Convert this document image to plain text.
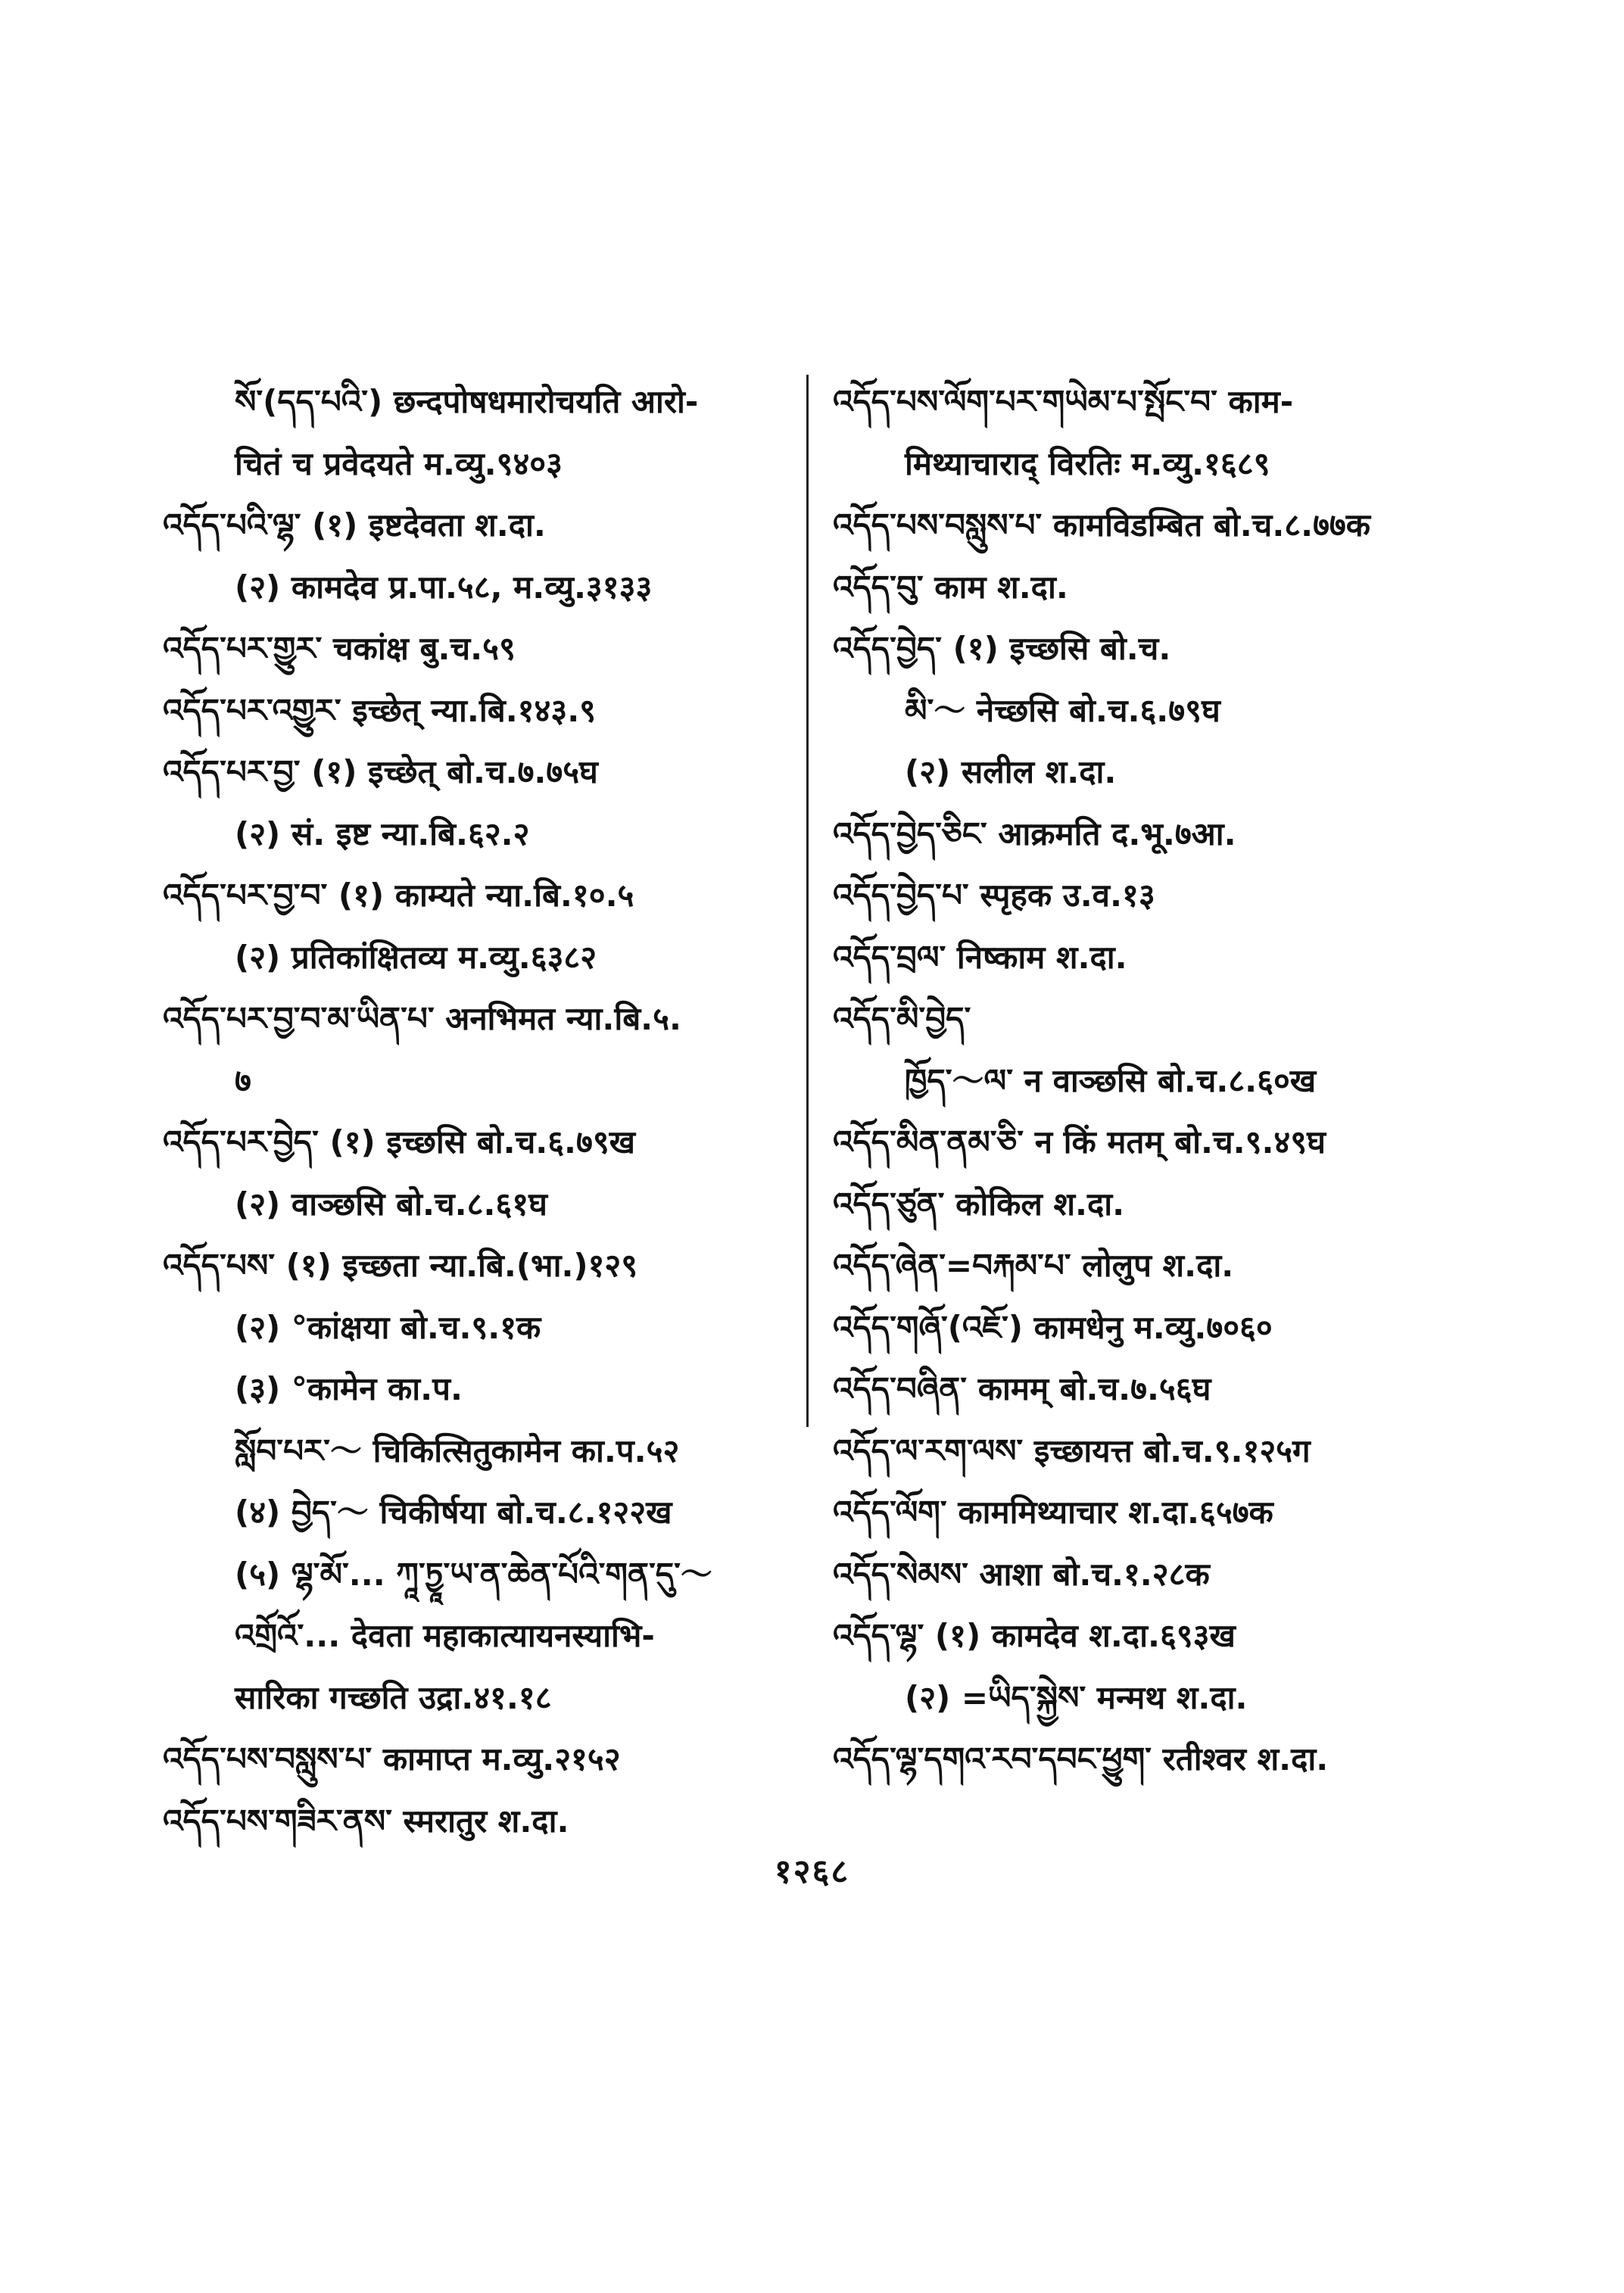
སོ་(དད་པའི་) छन्दपोषधमारोचयति आरो-
चितं च प्रवेदयते म.व्यु.९४०३
འདོད་པའི་ལྷ་ (१) इष्टदेवता श.दा.
(२) कामदेव प्र.पा.५८, म.व्यु.३१३३
འདོད་པར་གྱུར་ चकांक्ष बु.च.५९
འདོད་པར་འགྱུར་ इच्छेत् न्या.बि.१४३.९
འདོད་པར་བྱ་ (१) इच्छेत् बो.च.७.७५घ
(२) सं. इष्ट न्या.बि.६२.२
འདོད་པར་བྱ་བ་ (१) काम्यते न्या.बि.१०.५
(२) प्रतिकांक्षितव्य म.व्यु.६३८२
འདོད་པར་བྱ་བ་མ་ཡིན་པ་ अनभिमत न्या.बि.५.
७
འདོད་པར་བྱེད་ (१) इच्छसि बो.च.६.७९ख
(२) वाञ्छसि बो.च.८.६१घ
འདོད་པས་ (१) इच्छता न्या.बि.(भा.)१२९
(२) °कांक्षया बो.च.९.१क
(३) °कामेन का.प.
སློབ་པར་～ चिकित्सितुकामेन का.प.५२
(४) བྱེད་～ चिकीर्षया बो.च.८.१२२ख
(५) ལྷ་མོ་... ཀཱ་ཏྱཱ་ཡ་ན་ཆེན་པོའི་གན་དུ་～
འགྲོའོ་... देवता महाकात्यायनस्याभि-
सारिका गच्छति उद्रा.४१.१८
འདོད་པས་བསླུས་པ་ कामाप्त म.व्यु.२१५२
འདོད་པས་གཟིར་ནས་ स्मरातुर श.दा.
འདོད་པས་ལོག་པར་གཡེམ་པ་སྤོང་བ་ काम-
मिथ्याचाराद् विरतिः म.व्यु.१६८९
འདོད་པས་བསླུས་པ་ कामविडम्बित बो.च.८.७७क
འདོད་བུ་ काम श.दा.
འདོད་བྱེད་ (१) इच्छसि बो.च.
མི་～ नेच्छसि बो.च.६.७९घ
(२) सलील श.दा.
འདོད་བྱེད་ཅིང་ आक्रमति द.भू.७आ.
འདོད་བྱེད་པ་ स्पृहक उ.व.१३
འདོད་བྲལ་ निष्काम श.दा.
འདོད་མི་བྱེད་
ཁྱོད་～ལ་ न वाञ्छसि बो.च.८.६०ख
འདོད་མིན་ནམ་ཅི་ न किं मतम् बो.च.९.४९घ
འདོད་ཙུན་ कोकिल श.दा.
འདོད་ཞེན་=བརྐམ་པ་ लोलुप श.दा.
འདོད་གཞོ་(འཇོ་) कामधेनु म.व्यु.७०६०
འདོད་བཞིན་ कामम् बो.च.७.५६घ
འདོད་ལ་རག་ལས་ इच्छायत्त बो.च.९.१२५ग
འདོད་ལོག་ काममिथ्याचार श.दा.६५७क
འདོད་སེམས་ आशा बो.च.१.२८क
འདོད་ལྷ་ (१) कामदेव श.दा.६९३ख
(२) =ཡིད་སྐྱེས་ मन्मथ श.दा.
འདོད་ལྷ་དགའ་རབ་དབང་ཕྱུག་ रतीश्वर श.दा.
१२६८
